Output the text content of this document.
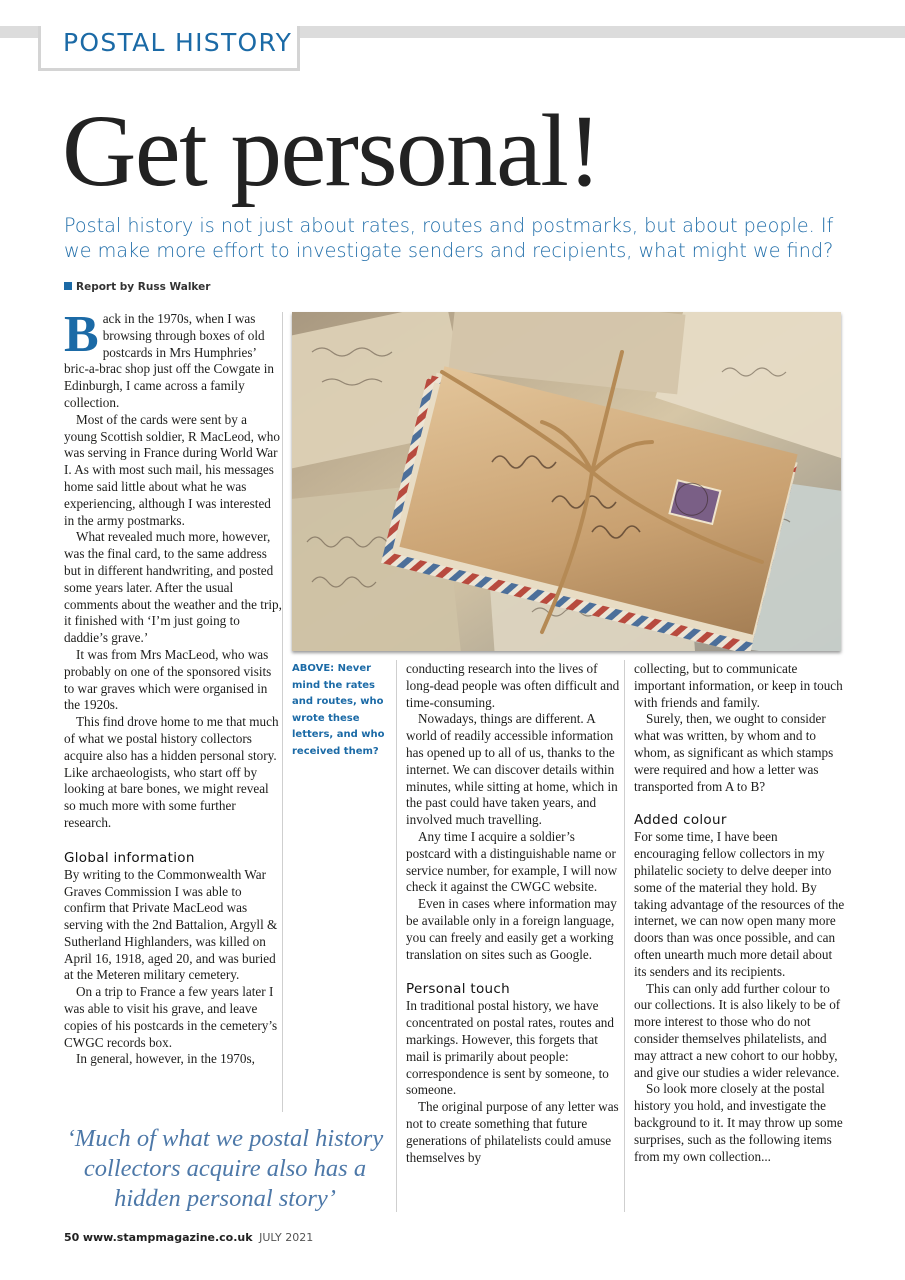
POSTAL HISTORY
Get personal!
Postal history is not just about rates, routes and postmarks, but about people. If we make more effort to investigate senders and recipients, what might we find?
Report by Russ Walker

Back in the 1970s, when I was browsing through boxes of old postcards in Mrs Humphries’ bric-a-brac shop just off the Cowgate in Edinburgh, I came across a family collection.

Most of the cards were sent by a young Scottish soldier, R MacLeod, who was serving in France during World War I. As with most such mail, his messages home said little about what he was experiencing, although I was interested in the army postmarks.

What revealed much more, however, was the final card, to the same address but in different handwriting, and posted some years later. After the usual comments about the weather and the trip, it finished with ‘I’m just going to daddie’s grave.’

It was from Mrs MacLeod, who was probably on one of the sponsored visits to war graves which were organised in the 1920s.

This find drove home to me that much of what we postal history collectors acquire also has a hidden personal story. Like archaeologists, who start off by looking at bare bones, we might reveal so much more with some further research.

Global information

By writing to the Commonwealth War Graves Commission I was able to confirm that Private MacLeod was serving with the 2nd Battalion, Argyll & Sutherland Highlanders, was killed on April 16, 1918, aged 20, and was buried at the Meteren military cemetery.

On a trip to France a few years later I was able to visit his grave, and leave copies of his postcards in the cemetery’s CWGC records box.

In general, however, in the 1970s,

ABOVE: Never mind the rates and routes, who wrote these letters, and who received them?

conducting research into the lives of long-dead people was often difficult and time-consuming.

Nowadays, things are different. A world of readily accessible information has opened up to all of us, thanks to the internet. We can discover details within minutes, while sitting at home, which in the past could have taken years, and involved much travelling.

Any time I acquire a soldier’s postcard with a distinguishable name or service number, for example, I will now check it against the CWGC website.

Even in cases where information may be available only in a foreign language, you can freely and easily get a working translation on sites such as Google.

Personal touch

In traditional postal history, we have concentrated on postal rates, routes and markings. However, this forgets that mail is primarily about people: correspondence is sent by someone, to someone.

The original purpose of any letter was not to create something that future generations of philatelists could amuse themselves by

collecting, but to communicate important information, or keep in touch with friends and family.

Surely, then, we ought to consider what was written, by whom and to whom, as significant as which stamps were required and how a letter was transported from A to B?

Added colour

For some time, I have been encouraging fellow collectors in my philatelic society to delve deeper into some of the material they hold. By taking advantage of the resources of the internet, we can now open many more doors than was once possible, and can often unearth much more detail about its senders and its recipients.

This can only add further colour to our collections. It is also likely to be of more interest to those who do not consider themselves philatelists, and may attract a new cohort to our hobby, and give our studies a wider relevance.

So look more closely at the postal history you hold, and investigate the background to it. It may throw up some surprises, such as the following items from my own collection...

‘Much of what we postal history collectors acquire also has a hidden personal story’
50 www.stampmagazine.co.uk JULY 2021
